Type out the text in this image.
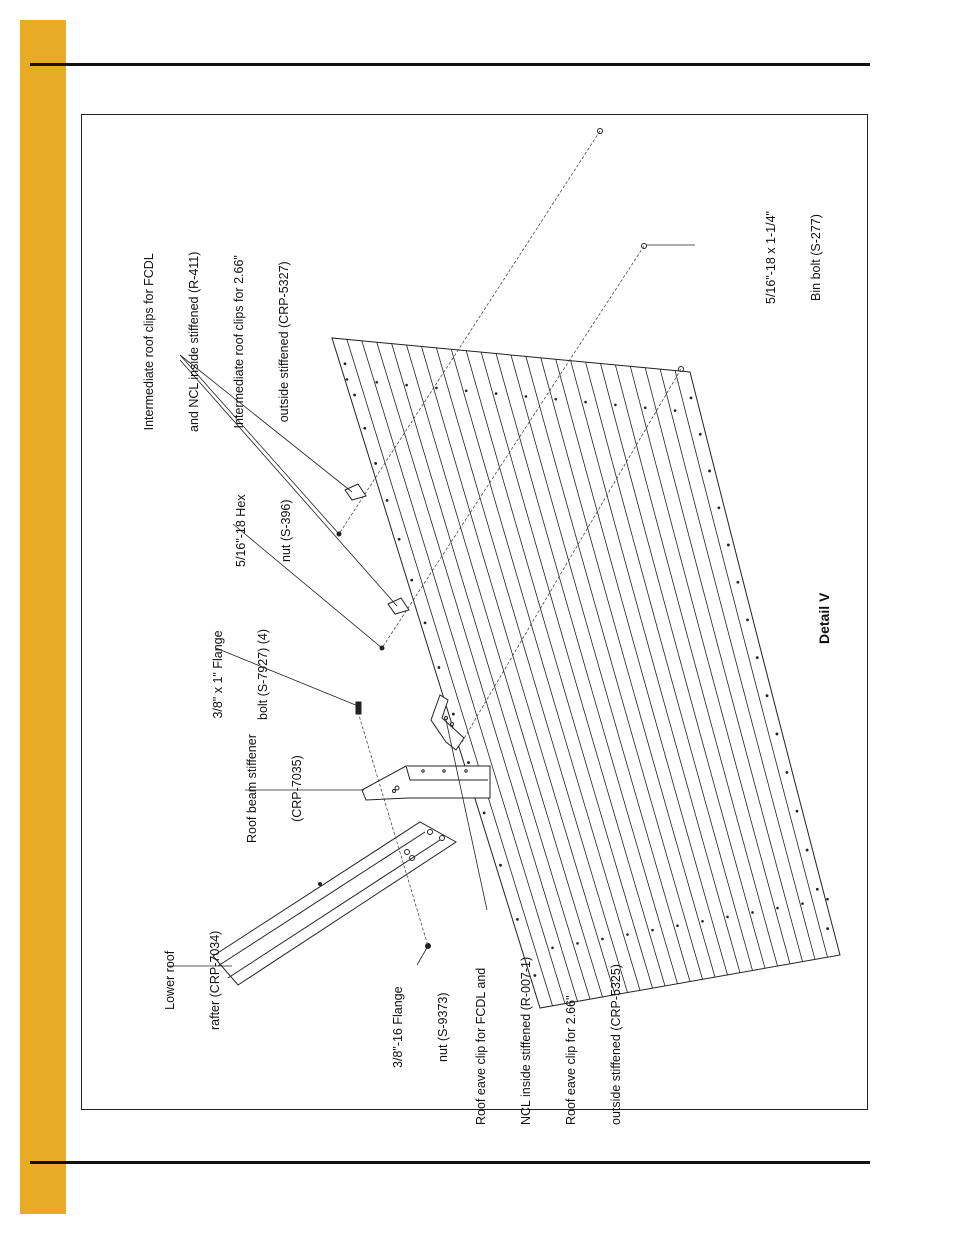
Intermediate roof clips for FCDL

and NCL inside stiffened (R-411)

Intermediate roof clips for 2.66"

outside stiffened (CRP-5327)

5/16"-18 x 1-1/4"

Bin bolt (S-277)

5/16"-18 Hex

nut (S-396)

3/8" x 1" Flange

bolt (S-7927) (4)

Roof beam stiffener

(CRP-7035)

Lower roof

rafter (CRP-7034)

	3/8"-16 Flange

nut (S-9373)

Roof eave clip for FCDL and

NCL inside stiffened (R-007-1)

Roof eave clip for 2.66"

outside stiffened (CRP-5325)

Detail V
